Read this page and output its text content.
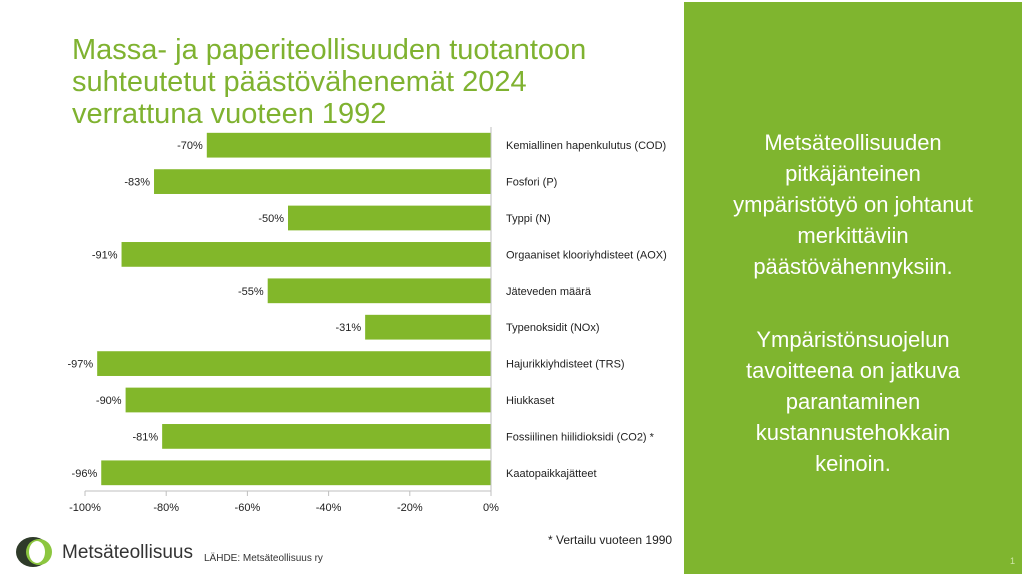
Massa- ja paperiteollisuuden tuotantoon
suhteutetut päästövähenemät 2024
verrattuna vuoteen 1992
-70%	Kemiallinen hapenkulutus (COD)
-83%	Fosfori (P)
-50%	Typpi (N)
-91%	Orgaaniset klooriyhdisteet (AOX)
-55%	Jäteveden määrä
-31%	Typenoksidit (NOx)
-97%	Hajurikkiyhdisteet (TRS)
-90%	Hiukkaset
-81%	Fossiilinen hiilidioksidi (CO2) *
-96%	Kaatopaikkajätteet
-100%	-80%	-60%	-40%	-20%	0%
Metsäteollisuuden
pitkäjänteinen
ympäristötyö on johtanut
merkittäviin
päästövähennyksiin.
Ympäristönsuojelun
tavoitteena on jatkuva
parantaminen
kustannustehokkain
keinoin.
* Vertailu vuoteen 1990
Metsäteollisuus LÄHDE: Metsäteollisuus ry	1
